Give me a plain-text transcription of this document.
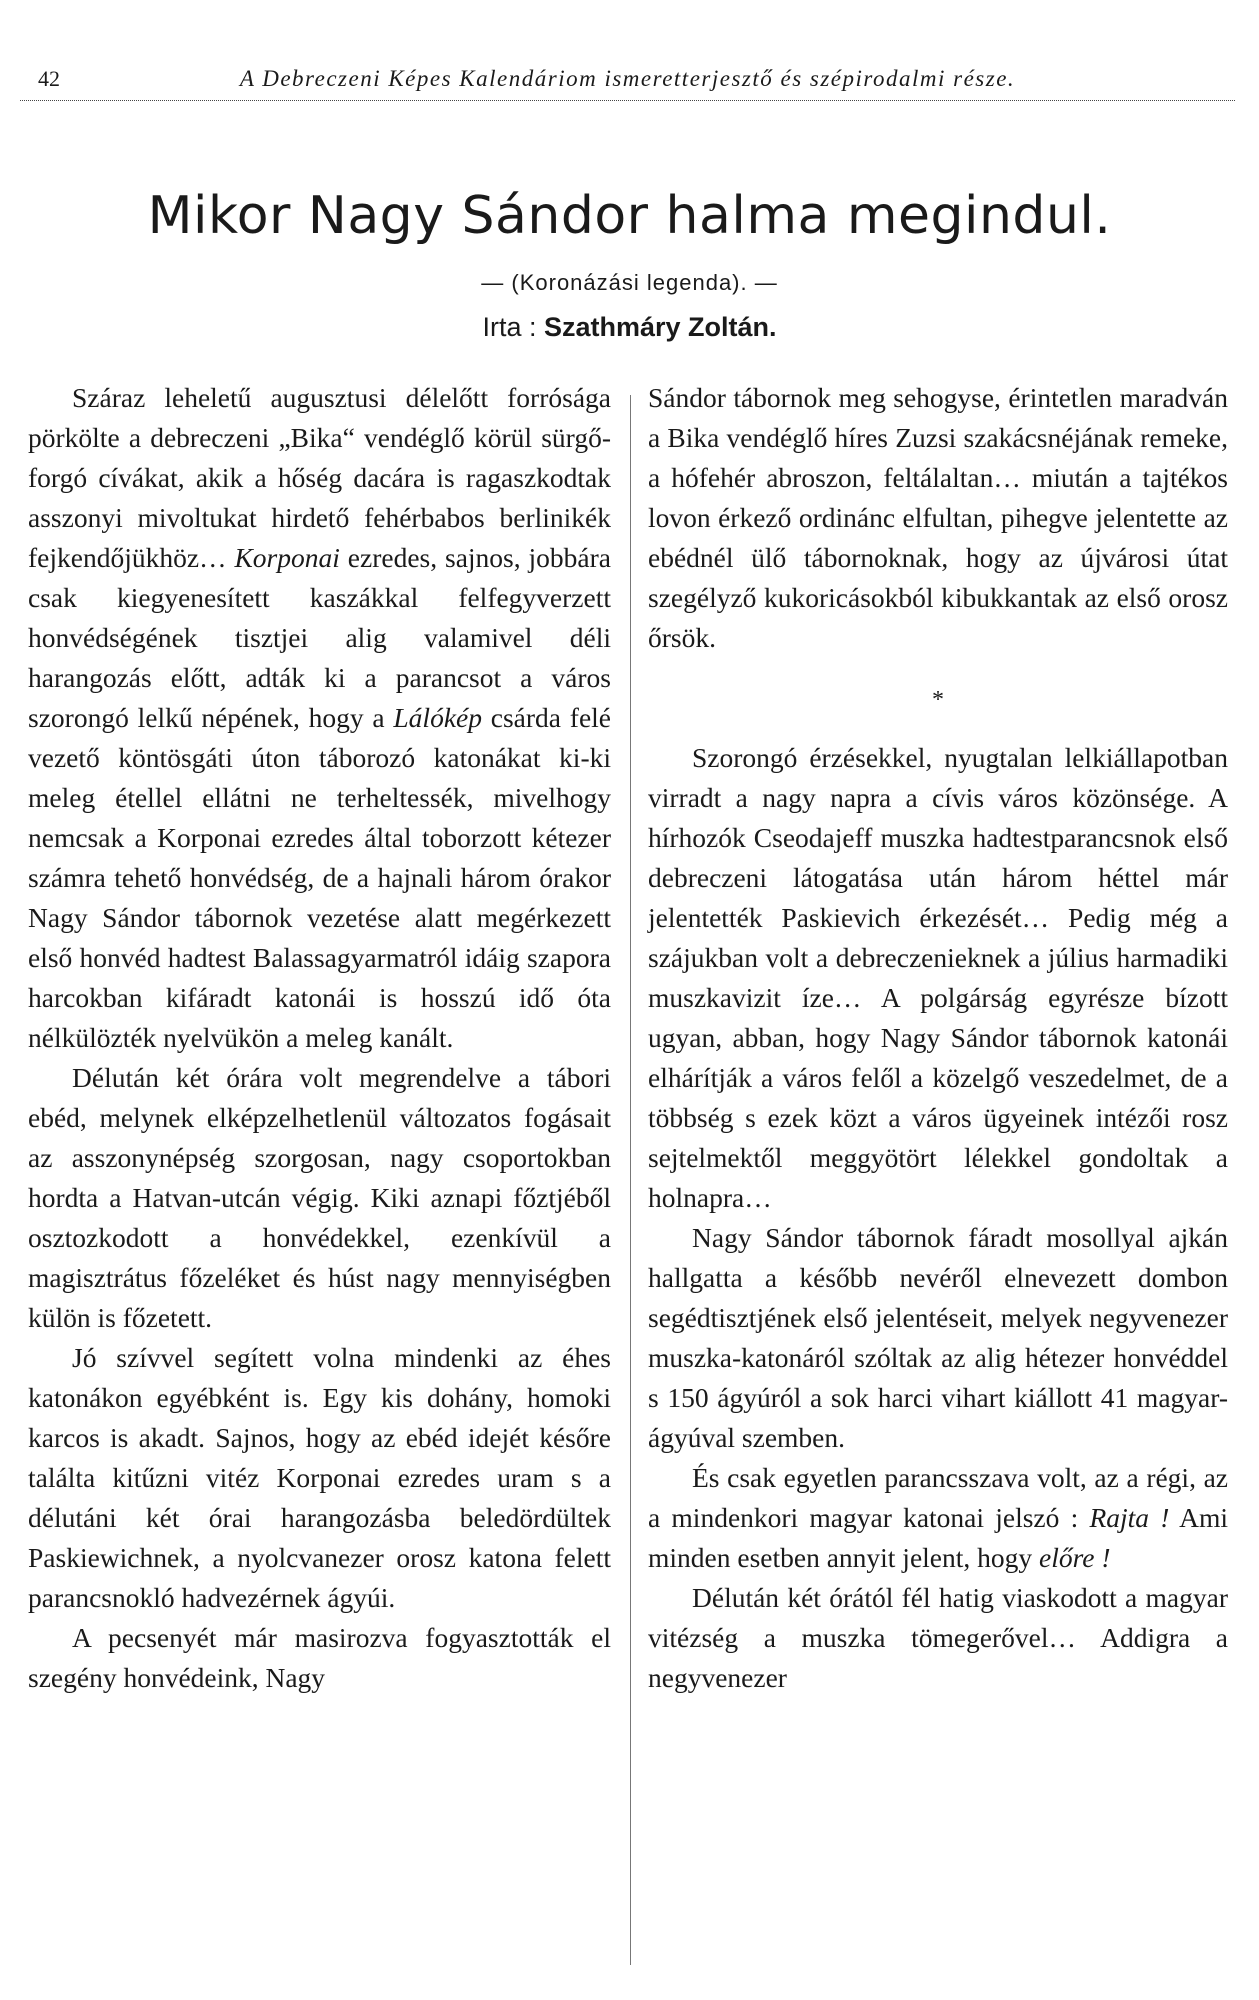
42	A Debreczeni Képes Kalendáriom ismeretterjesztő és szépirodalmi része.
Mikor Nagy Sándor halma megindul.
— (Koronázási legenda). —
Irta : Szathmáry Zoltán.

Száraz leheletű augusztusi délelőtt forrósága pörkölte a debreczeni „Bika“ vendéglő körül sürgő-forgó cívákat, akik a hőség dacára is ragaszkodtak asszonyi mivoltukat hirdető fehérbabos berlinikék fejkendőjükhöz… Korponai ezredes, sajnos, jobbára csak kiegyenesített kaszákkal felfegyverzett honvédségének tisztjei alig valamivel déli harangozás előtt, adták ki a parancsot a város szorongó lelkű népének, hogy a Lálókép csárda felé vezető köntösgáti úton táborozó katonákat ki-ki meleg étellel ellátni ne terheltessék, mivelhogy nemcsak a Korponai ezredes által toborzott kétezer számra tehető honvédség, de a hajnali három órakor Nagy Sándor tábornok vezetése alatt megérkezett első honvéd hadtest Balassagyarmatról idáig szapora harcokban kifáradt katonái is hosszú idő óta nélkülözték nyelvükön a meleg kanált.

Délután két órára volt megrendelve a tábori ebéd, melynek elképzelhetlenül változatos fogásait az asszonynépség szorgosan, nagy csoportokban hordta a Hatvan-utcán végig. Kiki aznapi főztjéből osztozkodott a honvédekkel, ezenkívül a magisztrátus főzeléket és húst nagy mennyiségben külön is főzetett.

Jó szívvel segített volna mindenki az éhes katonákon egyébként is. Egy kis dohány, homoki karcos is akadt. Sajnos, hogy az ebéd idejét későre találta kitűzni vitéz Korponai ezredes uram s a délutáni két órai harangozásba beledördültek Paskiewichnek, a nyolcvanezer orosz katona felett parancsnokló hadvezérnek ágyúi.

A pecsenyét már masirozva fogyasztották el szegény honvédeink, Nagy

Sándor tábornok meg sehogyse, érintetlen maradván a Bika vendéglő híres Zuzsi szakácsnéjának remeke, a hófehér abroszon, feltálaltan… miután a tajtékos lovon érkező ordinánc elfultan, pihegve jelentette az ebédnél ülő tábornoknak, hogy az újvárosi útat szegélyző kukoricásokból kibukkantak az első orosz őrsök.

*

Szorongó érzésekkel, nyugtalan lelkiállapotban virradt a nagy napra a cívis város közönsége. A hírhozók Cseodajeff muszka hadtestparancsnok első debreczeni látogatása után három héttel már jelentették Paskievich érkezését… Pedig még a szájukban volt a debreczenieknek a július harmadiki muszkavizit íze… A polgárság egyrésze bízott ugyan, abban, hogy Nagy Sándor tábornok katonái elhárítják a város felől a közelgő veszedelmet, de a többség s ezek közt a város ügyeinek intézői rosz sejtelmektől meggyötört lélekkel gondoltak a holnapra…

Nagy Sándor tábornok fáradt mosollyal ajkán hallgatta a később nevéről elnevezett dombon segédtisztjének első jelentéseit, melyek negyvenezer muszka-katonáról szóltak az alig hétezer honvéddel s 150 ágyúról a sok harci vihart kiállott 41 magyar-ágyúval szemben.

És csak egyetlen parancsszava volt, az a régi, az a mindenkori magyar katonai jelszó : Rajta ! Ami minden esetben annyit jelent, hogy előre !

Délután két órától fél hatig viaskodott a magyar vitézség a muszka tömegerővel… Addigra a negyvenezer
